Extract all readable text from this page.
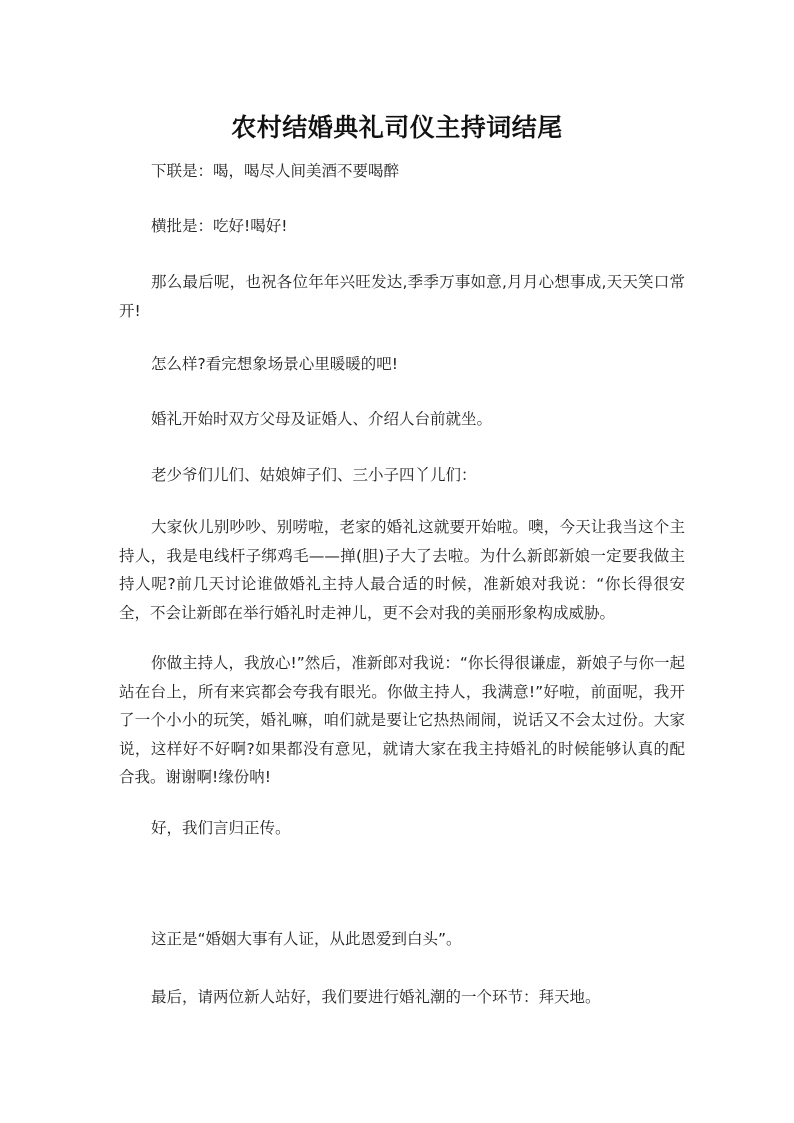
农村结婚典礼司仪主持词结尾

下联是：喝，喝尽人间美酒不要喝醉

横批是：吃好!喝好!

那么最后呢，也祝各位年年兴旺发达,季季万事如意,月月心想事成,天天笑口常开!

怎么样?看完想象场景心里暖暖的吧!

婚礼开始时双方父母及证婚人、介绍人台前就坐。

老少爷们儿们、姑娘婶子们、三小子四丫儿们：

大家伙儿别吵吵、别唠啦，老家的婚礼这就要开始啦。噢，今天让我当这个主持人，我是电线杆子绑鸡毛——掸(胆)子大了去啦。为什么新郎新娘一定要我做主持人呢?前几天讨论谁做婚礼主持人最合适的时候，准新娘对我说：“你长得很安全，不会让新郎在举行婚礼时走神儿，更不会对我的美丽形象构成威胁。

你做主持人，我放心!”然后，准新郎对我说：“你长得很谦虚，新娘子与你一起站在台上，所有来宾都会夸我有眼光。你做主持人，我满意!”好啦，前面呢，我开了一个小小的玩笑，婚礼嘛，咱们就是要让它热热闹闹，说话又不会太过份。大家说，这样好不好啊?如果都没有意见，就请大家在我主持婚礼的时候能够认真的配合我。谢谢啊!缘份呐!

好，我们言归正传。

这正是“婚姻大事有人证，从此恩爱到白头”。

最后，请两位新人站好，我们要进行婚礼潮的一个环节：拜天地。
